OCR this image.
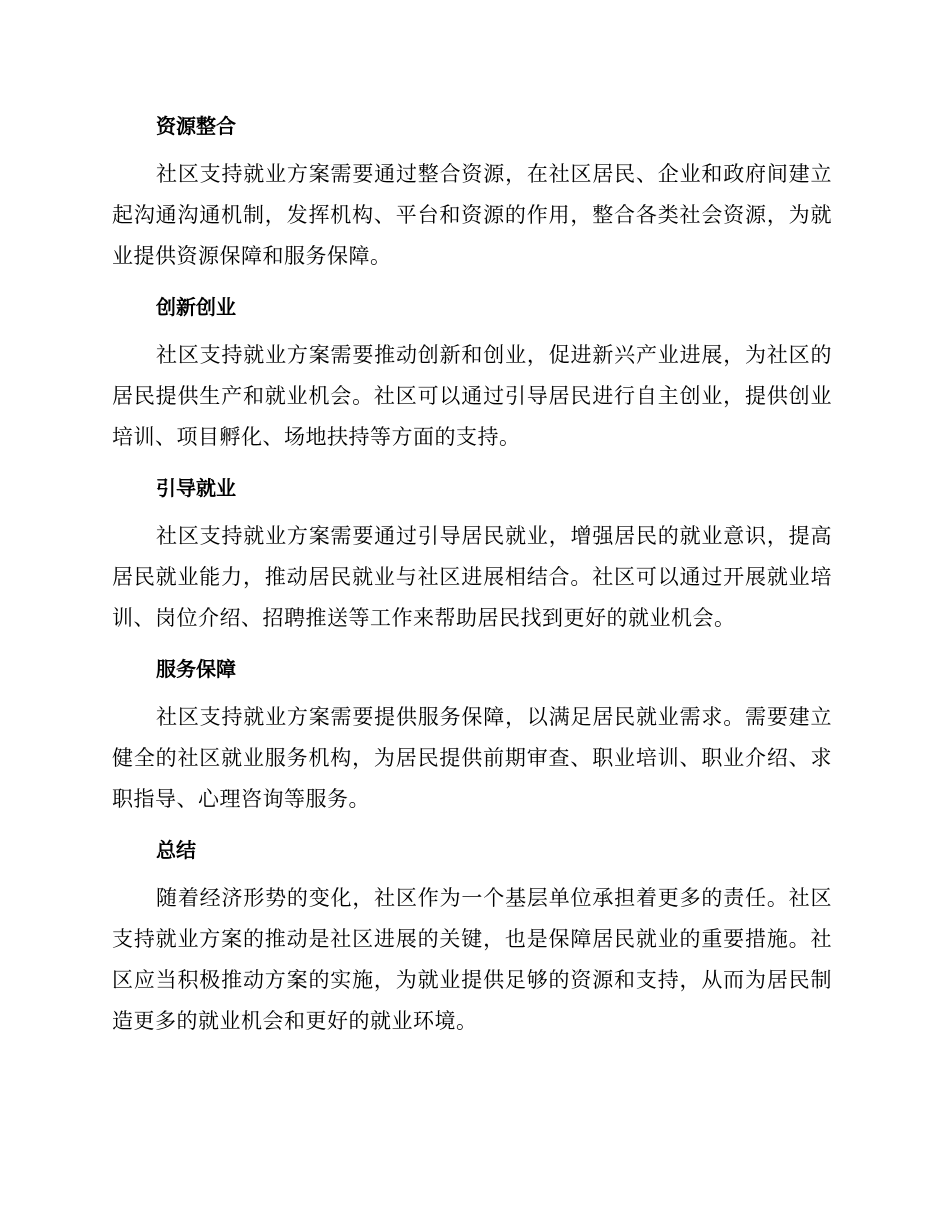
资源整合

社区支持就业方案需要通过整合资源，在社区居民、企业和政府间建立起沟通沟通机制，发挥机构、平台和资源的作用，整合各类社会资源，为就业提供资源保障和服务保障。

创新创业

社区支持就业方案需要推动创新和创业，促进新兴产业进展，为社区的居民提供生产和就业机会。社区可以通过引导居民进行自主创业，提供创业培训、项目孵化、场地扶持等方面的支持。

引导就业

社区支持就业方案需要通过引导居民就业，增强居民的就业意识，提高居民就业能力，推动居民就业与社区进展相结合。社区可以通过开展就业培训、岗位介绍、招聘推送等工作来帮助居民找到更好的就业机会。

服务保障

社区支持就业方案需要提供服务保障，以满足居民就业需求。需要建立健全的社区就业服务机构，为居民提供前期审查、职业培训、职业介绍、求职指导、心理咨询等服务。

总结

随着经济形势的变化，社区作为一个基层单位承担着更多的责任。社区支持就业方案的推动是社区进展的关键，也是保障居民就业的重要措施。社区应当积极推动方案的实施，为就业提供足够的资源和支持，从而为居民制造更多的就业机会和更好的就业环境。
